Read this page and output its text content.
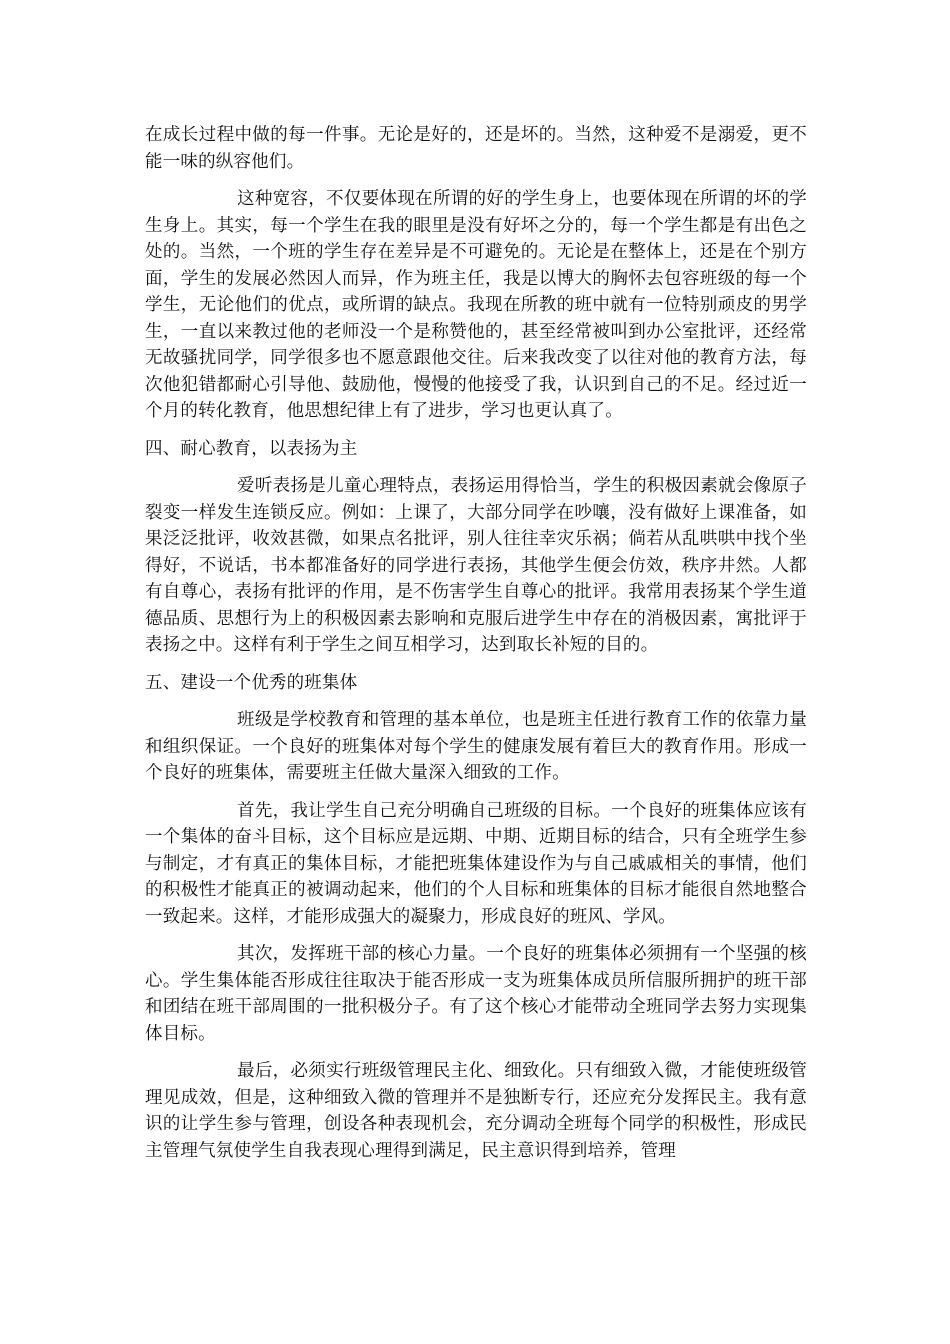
在成长过程中做的每一件事。无论是好的，还是坏的。当然，这种爱不是溺爱，更不能一味的纵容他们。

这种宽容，不仅要体现在所谓的好的学生身上，也要体现在所谓的坏的学生身上。其实，每一个学生在我的眼里是没有好坏之分的，每一个学生都是有出色之处的。当然，一个班的学生存在差异是不可避免的。无论是在整体上，还是在个别方面，学生的发展必然因人而异，作为班主任，我是以博大的胸怀去包容班级的每一个学生，无论他们的优点，或所谓的缺点。我现在所教的班中就有一位特别顽皮的男学生，一直以来教过他的老师没一个是称赞他的，甚至经常被叫到办公室批评，还经常无故骚扰同学，同学很多也不愿意跟他交往。后来我改变了以往对他的教育方法，每次他犯错都耐心引导他、鼓励他，慢慢的他接受了我，认识到自己的不足。经过近一个月的转化教育，他思想纪律上有了进步，学习也更认真了。

四、耐心教育，以表扬为主

爱听表扬是儿童心理特点，表扬运用得恰当，学生的积极因素就会像原子裂变一样发生连锁反应。例如：上课了，大部分同学在吵嚷，没有做好上课准备，如果泛泛批评，收效甚微，如果点名批评，别人往往幸灾乐祸；倘若从乱哄哄中找个坐得好，不说话，书本都准备好的同学进行表扬，其他学生便会仿效，秩序井然。人都有自尊心，表扬有批评的作用，是不伤害学生自尊心的批评。我常用表扬某个学生道德品质、思想行为上的积极因素去影响和克服后进学生中存在的消极因素，寓批评于表扬之中。这样有利于学生之间互相学习，达到取长补短的目的。

五、建设一个优秀的班集体

班级是学校教育和管理的基本单位，也是班主任进行教育工作的依靠力量和组织保证。一个良好的班集体对每个学生的健康发展有着巨大的教育作用。形成一个良好的班集体，需要班主任做大量深入细致的工作。

首先，我让学生自己充分明确自己班级的目标。一个良好的班集体应该有一个集体的奋斗目标，这个目标应是远期、中期、近期目标的结合，只有全班学生参与制定，才有真正的集体目标，才能把班集体建设作为与自己戚戚相关的事情，他们的积极性才能真正的被调动起来，他们的个人目标和班集体的目标才能很自然地整合一致起来。这样，才能形成强大的凝聚力，形成良好的班风、学风。

其次，发挥班干部的核心力量。一个良好的班集体必须拥有一个坚强的核心。学生集体能否形成往往取决于能否形成一支为班集体成员所信服所拥护的班干部和团结在班干部周围的一批积极分子。有了这个核心才能带动全班同学去努力实现集体目标。

最后，必须实行班级管理民主化、细致化。只有细致入微，才能使班级管理见成效，但是，这种细致入微的管理并不是独断专行，还应充分发挥民主。我有意识的让学生参与管理，创设各种表现机会，充分调动全班每个同学的积极性，形成民主管理气氛使学生自我表现心理得到满足，民主意识得到培养，管理
